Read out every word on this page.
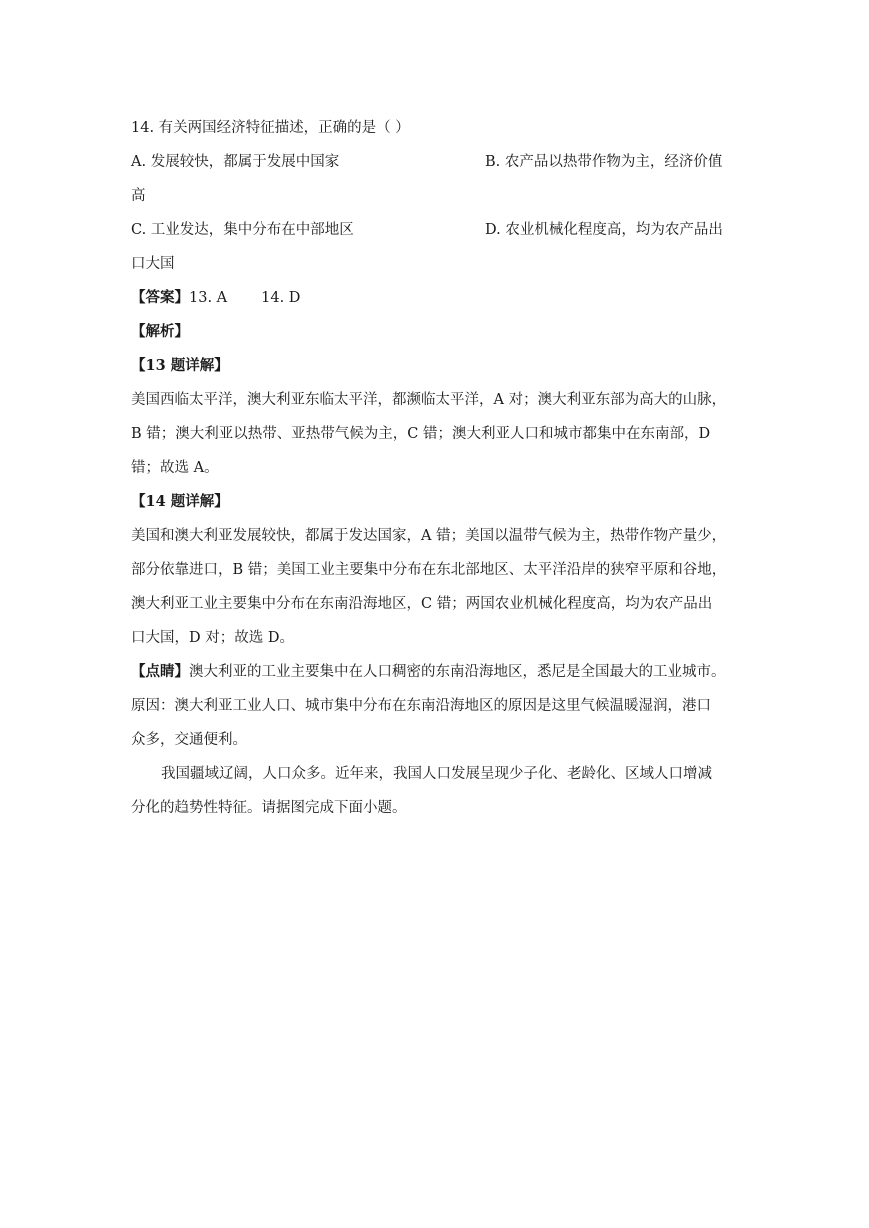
14. 有关两国经济特征描述，正确的是（ ）
A. 发展较快，都属于发展中国家	B. 农产品以热带作物为主，经济价值
高
C. 工业发达，集中分布在中部地区	D. 农业机械化程度高，均为农产品出
口大国
【答案】13. A 14. D
【解析】
【13 题详解】
美国西临太平洋，澳大利亚东临太平洋，都濒临太平洋，A 对；澳大利亚东部为高大的山脉，
B 错；澳大利亚以热带、亚热带气候为主，C 错；澳大利亚人口和城市都集中在东南部，D
错；故选 A。
【14 题详解】
美国和澳大利亚发展较快，都属于发达国家，A 错；美国以温带气候为主，热带作物产量少，
部分依靠进口，B 错；美国工业主要集中分布在东北部地区、太平洋沿岸的狭窄平原和谷地，
澳大利亚工业主要集中分布在东南沿海地区，C 错；两国农业机械化程度高，均为农产品出
口大国，D 对；故选 D。
【点睛】澳大利亚的工业主要集中在人口稠密的东南沿海地区，悉尼是全国最大的工业城市。
原因：澳大利亚工业人口、城市集中分布在东南沿海地区的原因是这里气候温暖湿润，港口
众多，交通便利。
我国疆域辽阔，人口众多。近年来，我国人口发展呈现少子化、老龄化、区域人口增减
分化的趋势性特征。请据图完成下面小题。
